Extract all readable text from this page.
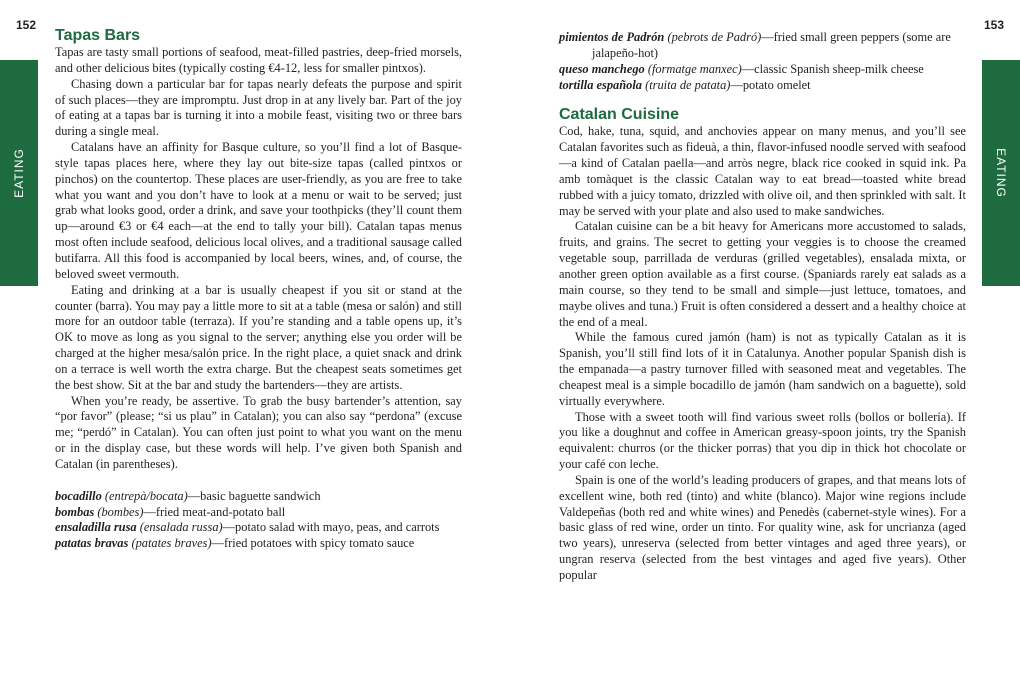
152	153
EATING	EATING
Tapas Bars

Tapas are tasty small portions of seafood, meat-filled pastries, deep-fried morsels, and other delicious bites (typically costing €4-12, less for smaller pintxos).

Chasing down a particular bar for tapas nearly defeats the purpose and spirit of such places—they are impromptu. Just drop in at any lively bar. Part of the joy of eating at a tapas bar is turning it into a mobile feast, visiting two or three bars during a single meal.

Catalans have an affinity for Basque culture, so you’ll find a lot of Basque-style tapas places here, where they lay out bite-size tapas (called pintxos or pinchos) on the countertop. These places are user-friendly, as you are free to take what you want and you don’t have to look at a menu or wait to be served; just grab what looks good, order a drink, and save your toothpicks (they’ll count them up—around €3 or €4 each—at the end to tally your bill). Catalan tapas menus most often include seafood, delicious local olives, and a traditional sausage called butifarra. All this food is accompanied by local beers, wines, and, of course, the beloved sweet vermouth.

Eating and drinking at a bar is usually cheapest if you sit or stand at the counter (barra). You may pay a little more to sit at a table (mesa or salón) and still more for an outdoor table (terraza). If you’re standing and a table opens up, it’s OK to move as long as you signal to the server; anything else you order will be charged at the higher mesa/salón price. In the right place, a quiet snack and drink on a terrace is well worth the extra charge. But the cheapest seats sometimes get the best show. Sit at the bar and study the bartenders—they are artists.

When you’re ready, be assertive. To grab the busy bartender’s attention, say “por favor” (please; “si us plau” in Catalan); you can also say “perdona” (excuse me; “perdó” in Catalan). You can often just point to what you want on the menu or in the display case, but these words will help. I’ve given both Spanish and Catalan (in parentheses).

bocadillo (entrepà/bocata)—basic baguette sandwich

bombas (bombes)—fried meat-and-potato ball

ensaladilla rusa (ensalada russa)—potato salad with mayo, peas, and carrots

patatas bravas (patates braves)—fried potatoes with spicy tomato sauce

pimientos de Padrón (pebrots de Padró)—fried small green peppers (some are jalapeño-hot)

queso manchego (formatge manxec)—classic Spanish sheep-milk cheese

tortilla española (truita de patata)—potato omelet

Catalan Cuisine

Cod, hake, tuna, squid, and anchovies appear on many menus, and you’ll see Catalan favorites such as fideuà, a thin, flavor-infused noodle served with seafood—a kind of Catalan paella—and arròs negre, black rice cooked in squid ink. Pa amb tomàquet is the classic Catalan way to eat bread—toasted white bread rubbed with a juicy tomato, drizzled with olive oil, and then sprinkled with salt. It may be served with your plate and also used to make sandwiches.

Catalan cuisine can be a bit heavy for Americans more accustomed to salads, fruits, and grains. The secret to getting your veggies is to choose the creamed vegetable soup, parrillada de verduras (grilled vegetables), ensalada mixta, or another green option available as a first course. (Spaniards rarely eat salads as a main course, so they tend to be small and simple—just lettuce, tomatoes, and maybe olives and tuna.) Fruit is often considered a dessert and a healthy choice at the end of a meal.

While the famous cured jamón (ham) is not as typically Catalan as it is Spanish, you’ll still find lots of it in Catalunya. Another popular Spanish dish is the empanada—a pastry turnover filled with seasoned meat and vegetables. The cheapest meal is a simple bocadillo de jamón (ham sandwich on a baguette), sold virtually everywhere.

Those with a sweet tooth will find various sweet rolls (bollos or bollería). If you like a doughnut and coffee in American greasy-spoon joints, try the Spanish equivalent: churros (or the thicker porras) that you dip in thick hot chocolate or your café con leche.

Spain is one of the world’s leading producers of grapes, and that means lots of excellent wine, both red (tinto) and white (blanco). Major wine regions include Valdepeñas (both red and white wines) and Penedès (cabernet-style wines). For a basic glass of red wine, order un tinto. For quality wine, ask for uncrianza (aged two years), unreserva (selected from better vintages and aged three years), or ungran reserva (selected from the best vintages and aged five years). Other popular
